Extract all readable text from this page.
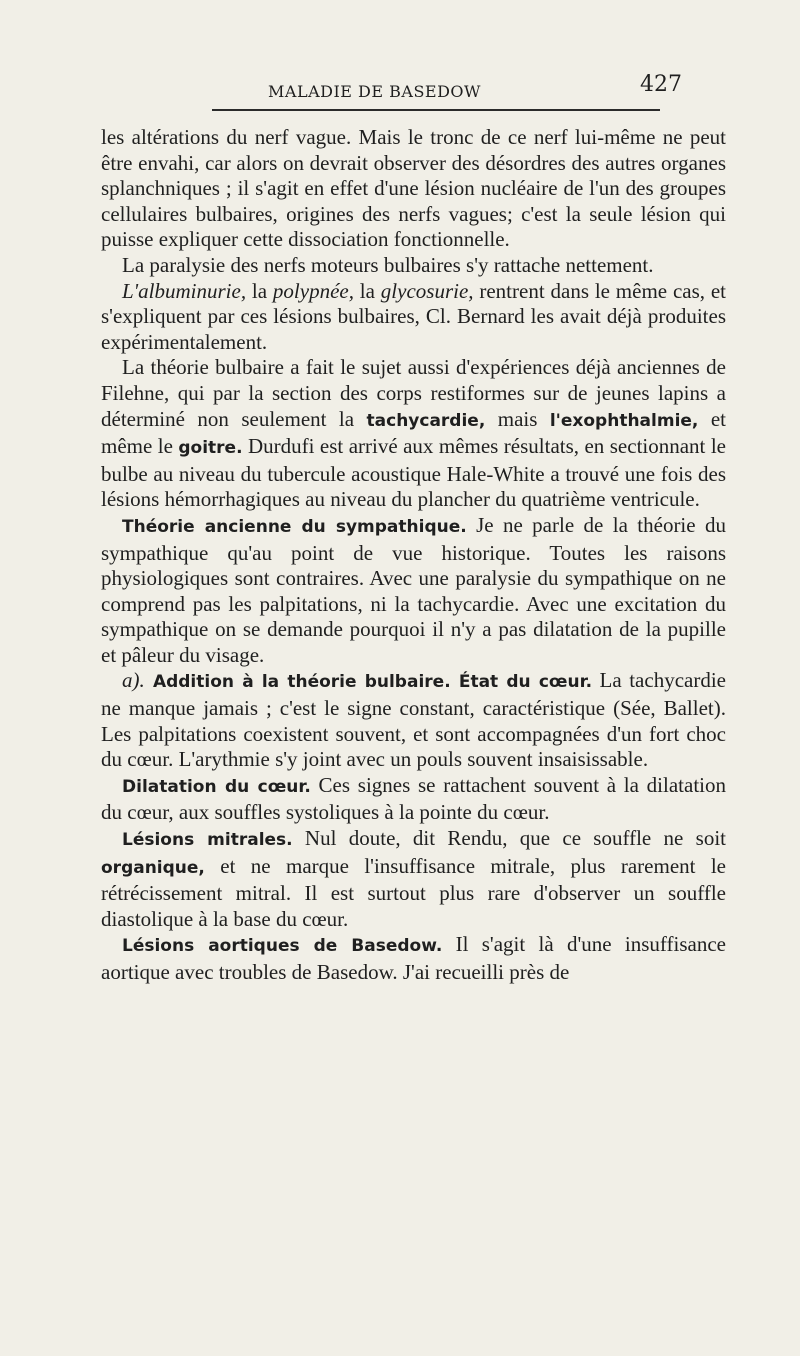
MALADIE DE BASEDOW	427

les altérations du nerf vague. Mais le tronc de ce nerf lui-même ne peut être envahi, car alors on devrait observer des désordres des autres organes splanchniques ; il s'agit en effet d'une lésion nucléaire de l'un des groupes cellulaires bulbaires, origines des nerfs vagues; c'est la seule lésion qui puisse expliquer cette dissociation fonctionnelle.

La paralysie des nerfs moteurs bulbaires s'y rattache nettement.

L'albuminurie, la polypnée, la glycosurie, rentrent dans le même cas, et s'expliquent par ces lésions bulbaires, Cl. Bernard les avait déjà produites expérimentalement.

La théorie bulbaire a fait le sujet aussi d'expériences déjà anciennes de Filehne, qui par la section des corps restiformes sur de jeunes lapins a déterminé non seulement la tachycardie, mais l'exophthalmie, et même le goitre. Durdufi est arrivé aux mêmes résultats, en sectionnant le bulbe au niveau du tubercule acoustique Hale-White a trouvé une fois des lésions hémorrhagiques au niveau du plancher du quatrième ventricule.

Théorie ancienne du sympathique. Je ne parle de la théorie du sympathique qu'au point de vue historique. Toutes les raisons physiologiques sont contraires. Avec une paralysie du sympathique on ne comprend pas les palpitations, ni la tachycardie. Avec une excitation du sympathique on se demande pourquoi il n'y a pas dilatation de la pupille et pâleur du visage.

a). Addition à la théorie bulbaire. État du cœur. La tachycardie ne manque jamais ; c'est le signe constant, caractéristique (Sée, Ballet). Les palpitations coexistent souvent, et sont accompagnées d'un fort choc du cœur. L'arythmie s'y joint avec un pouls souvent insaisissable.

Dilatation du cœur. Ces signes se rattachent souvent à la dilatation du cœur, aux souffles systoliques à la pointe du cœur.

Lésions mitrales. Nul doute, dit Rendu, que ce souffle ne soit organique, et ne marque l'insuffisance mitrale, plus rarement le rétrécissement mitral. Il est surtout plus rare d'observer un souffle diastolique à la base du cœur.

Lésions aortiques de Basedow. Il s'agit là d'une insuffisance aortique avec troubles de Basedow. J'ai recueilli près de
